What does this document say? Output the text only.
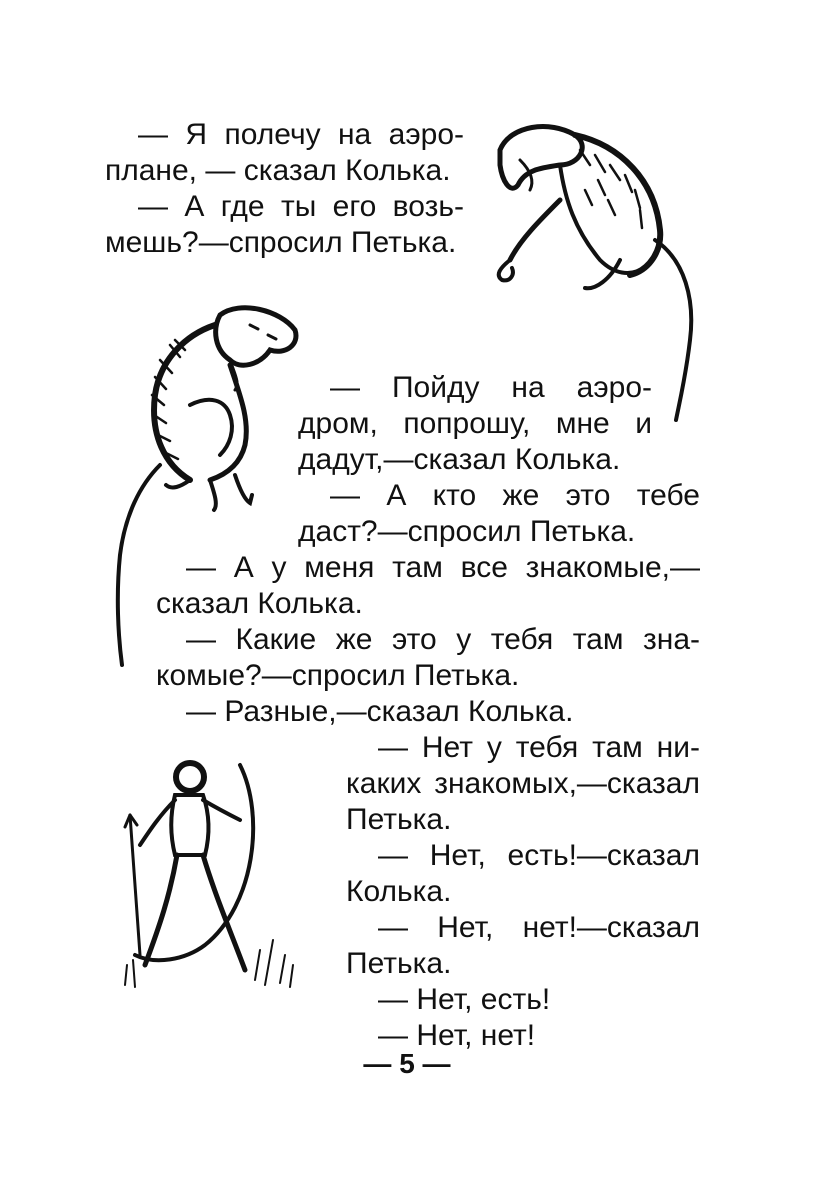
— Я полечу на аэро-

плане, — сказал Колька.

— А где ты его возь-

мешь?—спросил Петька.

— Пойду на аэро-

дром, попрошу, мне и

дадут,—сказал Колька.

— А кто же это тебе

даст?—спросил Петька.

— А у меня там все знакомые,—

сказал Колька.

— Какие же это у тебя там зна-

комые?—спросил Петька.

— Разные,—сказал Колька.

— Нет у тебя там ни-

каких знакомых,—сказал

Петька.

— Нет, есть!—сказал

Колька.

— Нет, нет!—сказал

Петька.

— Нет, есть!

— Нет, нет!

— 5 —
